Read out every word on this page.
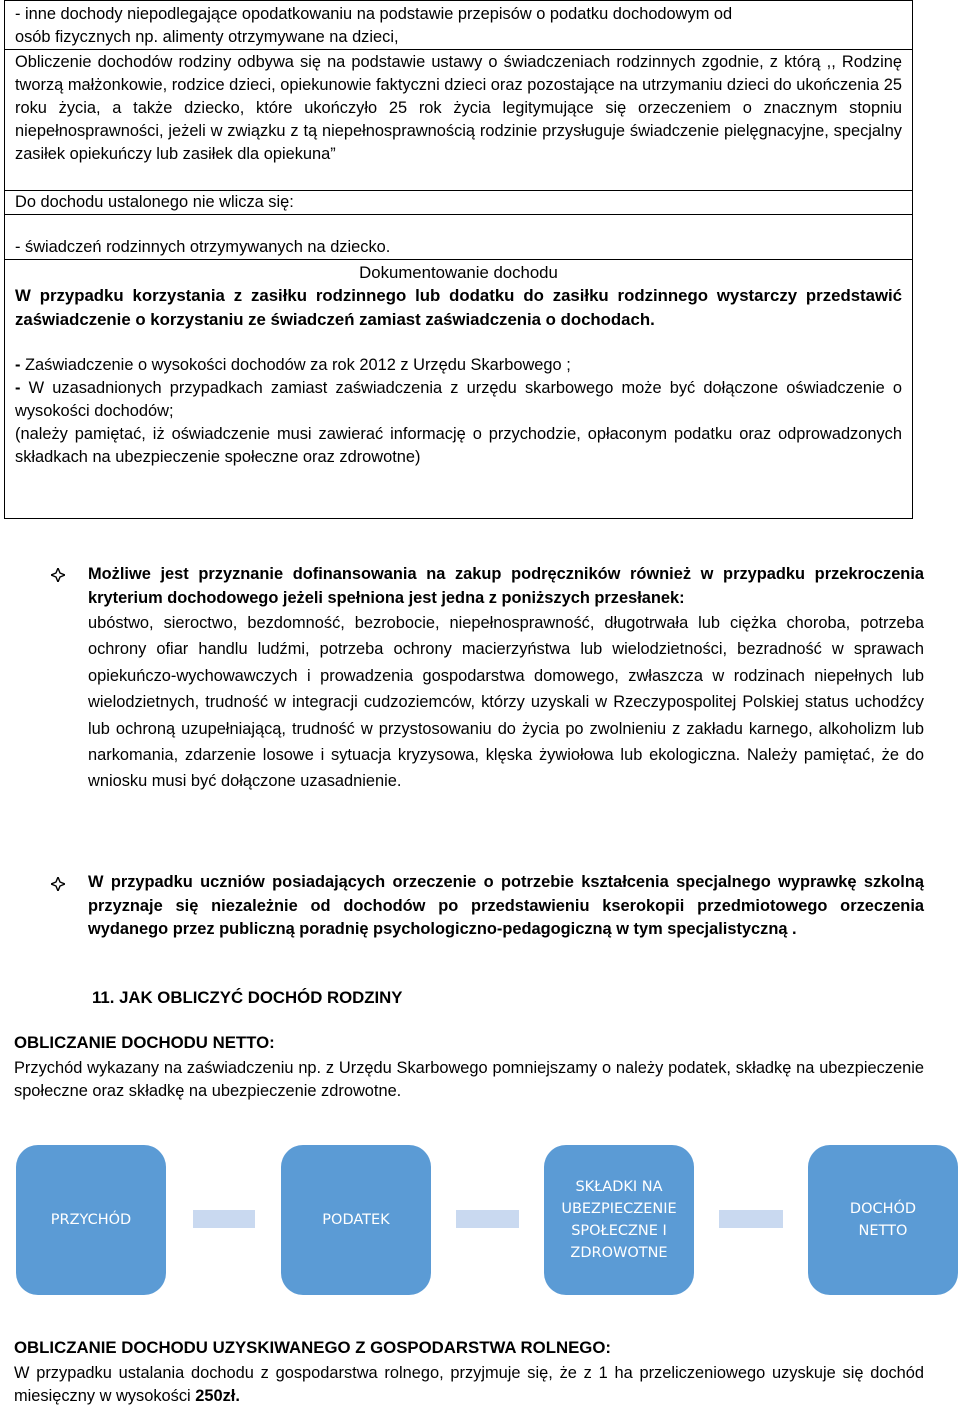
- inne dochody niepodlegające opodatkowaniu na podstawie przepisów o podatku dochodowym od
osób fizycznych np. alimenty otrzymywane na dzieci,
Obliczenie dochodów rodziny odbywa się na podstawie ustawy o świadczeniach rodzinnych zgodnie, z którą ,, Rodzinę tworzą małżonkowie, rodzice dzieci, opiekunowie faktyczni dzieci oraz pozostające na utrzymaniu dzieci do ukończenia 25 roku życia, a także dziecko, które ukończyło 25 rok życia legitymujące się orzeczeniem o znacznym stopniu niepełnosprawności, jeżeli w związku z tą niepełnosprawnością rodzinie przysługuje świadczenie pielęgnacyjne, specjalny zasiłek opiekuńczy lub zasiłek dla opiekuna”
Do dochodu ustalonego nie wlicza się:
- świadczeń rodzinnych otrzymywanych na dziecko.
Dokumentowanie dochodu
W przypadku korzystania z zasiłku rodzinnego lub dodatku do zasiłku rodzinnego wystarczy przedstawić zaświadczenie o korzystaniu ze świadczeń zamiast zaświadczenia o dochodach.
- Zaświadczenie o wysokości dochodów za rok 2012 z Urzędu Skarbowego ;
- W uzasadnionych przypadkach zamiast zaświadczenia z urzędu skarbowego może być dołączone oświadczenie o wysokości dochodów;
(należy pamiętać, iż oświadczenie musi zawierać informację o przychodzie, opłaconym podatku oraz odprowadzonych składkach na ubezpieczenie społeczne oraz zdrowotne)
Możliwe jest przyznanie dofinansowania na zakup podręczników również w przypadku przekroczenia kryterium dochodowego jeżeli spełniona jest jedna z poniższych przesłanek:

ubóstwo, sieroctwo, bezdomność, bezrobocie, niepełnosprawność, długotrwała lub ciężka choroba, potrzeba ochrony ofiar handlu ludźmi, potrzeba ochrony macierzyństwa lub wielodzietności, bezradność w sprawach opiekuńczo-wychowawczych i prowadzenia gospodarstwa domowego, zwłaszcza w rodzinach niepełnych lub wielodzietnych, trudność w integracji cudzoziemców, którzy uzyskali w Rzeczypospolitej Polskiej status uchodźcy lub ochroną uzupełniającą, trudność w przystosowaniu do życia po zwolnieniu z zakładu karnego, alkoholizm lub narkomania, zdarzenie losowe i sytuacja kryzysowa, klęska żywiołowa lub ekologiczna. Należy pamiętać, że do wniosku musi być dołączone uzasadnienie.

W przypadku uczniów posiadających orzeczenie o potrzebie kształcenia specjalnego wyprawkę szkolną przyznaje się niezależnie od dochodów po przedstawieniu kserokopii przedmiotowego orzeczenia wydanego przez publiczną poradnię psychologiczno-pedagogiczną w tym specjalistyczną .
11. JAK OBLICZYĆ DOCHÓD RODZINY
OBLICZANIE DOCHODU NETTO:
Przychód wykazany na zaświadczeniu np. z Urzędu Skarbowego pomniejszamy o należy podatek, składkę na ubezpieczenie społeczne oraz składkę na ubezpieczenie zdrowotne.
PRZYCHÓD	PODATEK
SKŁADKI NA UBEZPIECZENIE SPOŁECZNE I ZDROWOTNE
DOCHÓD NETTO
OBLICZANIE DOCHODU UZYSKIWANEGO Z GOSPODARSTWA ROLNEGO:
W przypadku ustalania dochodu z gospodarstwa rolnego, przyjmuje się, że z 1 ha przeliczeniowego uzyskuje się dochód miesięczny w wysokości 250zł.
